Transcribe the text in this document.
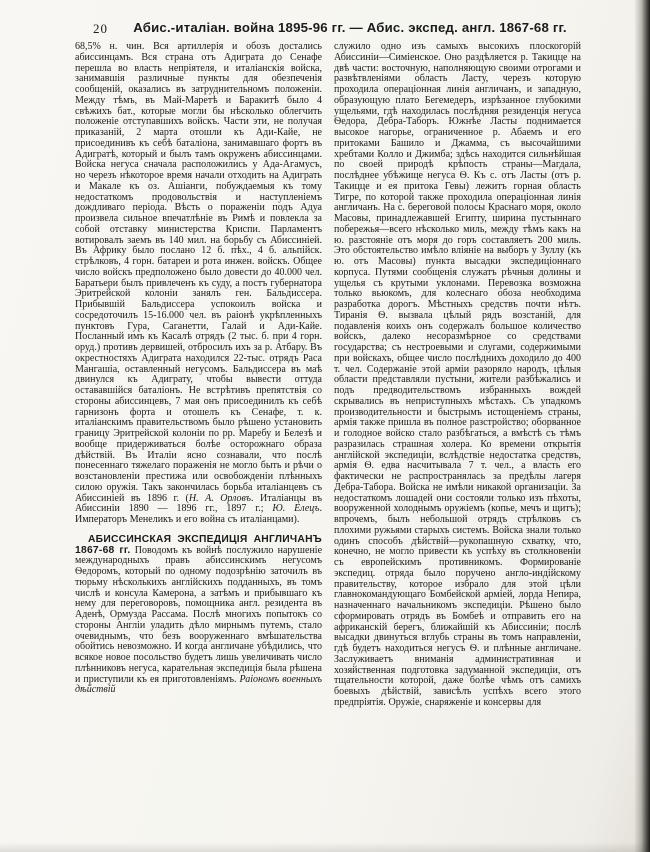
20	Абис.-италіан. война 1895-96 гг. — Абис. экспед. англ. 1867-68 гг.

68,5% н. чин. Вся артиллерія и обозъ достались абиссинцамъ. Вся страна отъ Адиграта до Сенафе перешла во власть непріятеля, и италіанскія войска, занимавшія различные пункты для обезпеченія сообщеній, оказались въ затруднительномъ положеніи. Между тѣмъ, въ Май-Маретѣ и Баракитѣ было 4 свѣжихъ бат., которые могли бы нѣсколько облегчить положеніе отступавшихъ войскъ. Части эти, не получая приказаній, 2 марта отошли къ Ади-Кайе, не присоединивъ къ себѣ баталіона, занимавшаго фортъ въ Адигратѣ, который и былъ тамъ окруженъ абиссинцами. Войска негуса сначала расположились у Ада-Агамусъ, но черезъ нѣкоторое время начали отходить на Адиграть и Макале къ оз. Ашіанги, побуждаемыя къ тому недостаткомъ продовольствія и наступленіемъ дождливаго періода. Вѣсть о пораженіи подъ Адуа произвела сильное впечатлѣніе въ Римѣ и повлекла за собой отставку министерства Криспи. Парламентъ вотировалъ заемъ въ 140 мил. на борьбу съ Абиссиніей. Въ Африку было послано 12 б. пѣх., 4 б. альпійск. стрѣлковъ, 4 горн. батареи и рота инжен. войскъ. Общее число войскъ предположено было довести до 40.000 чел. Баратьери былъ привлеченъ къ суду, а постъ губернатора Эритрейской колоніи занялъ ген. Бальдиссера. Прибывшій Бальдиссера успокоилъ войска и сосредоточилъ 15-16.000 чел. въ раіонѣ укрѣпленныхъ пунктовъ Гура, Саганетти, Галай и Ади-Кайе. Посланный имъ къ Касалѣ отрядъ (2 тыс. б. при 4 горн. оруд.) противъ дервишей, отбросилъ ихъ за р. Атбару. Въ окрестностяхъ Адиграта находился 22-тыс. отрядъ Раса Мангашіа, оставленный негусомъ. Бальдиссера въ маѣ двинулся къ Адиграту, чтобы вывести оттуда остававшійся баталіонъ. Не встрѣтивъ препятствія со стороны абиссинцевъ, 7 мая онъ присоединилъ къ себѣ гарнизонъ форта и отошелъ къ Сенафе, т. к. италіанскимъ правительствомъ было рѣшено установить границу Эритрейской колоніи по рр. Маребу и Белезѣ и вообще придерживаться болѣе осторожнаго образа дѣйствій. Въ Италіи ясно сознавали, что послѣ понесеннаго тяжелаго пораженія не могло быть и рѣчи о возстановленіи престижа или освобожденіи плѣнныхъ силою оружія. Такъ закончилась борьба италіанцевъ съ Абиссиніей въ 1896 г. (Н. А. Орловъ. Италіанцы въ Абиссиніи 1890 — 1896 гг., 1897 г.; Ю. Елецъ. Императоръ Менеликъ и его война съ италіанцами).

АБИССИНСКАЯ ЭКСПЕДИЦІЯ АНГЛИЧАНЪ 1867-68 гг. Поводомъ къ войнѣ послужило нарушеніе международныхъ правъ абиссинскимъ негусомъ Ѳедоромъ, который по одному подозрѣнію заточилъ въ тюрьму нѣсколькихъ англійскихъ подданныхъ, въ томъ числѣ и консула Камерона, а затѣмъ и прибывшаго къ нему для переговоровъ, помощника англ. резидента въ Аденѣ, Ормузда Рассама. Послѣ многихъ попытокъ со стороны Англіи уладить дѣло мирнымъ путемъ, стало очевиднымъ, что безъ вооруженнаго вмѣшательства обойтись невозможно. И когда англичане убѣдились, что всякое новое посольство будетъ лишь увеличивать число плѣнниковъ негуса, карательная экспедиція была рѣшена и приступили къ ея приготовленіямъ. Раіономъ военныхъ дѣйствій

служило одно изъ самыхъ высокихъ плоскогорій Абиссиніи—Симіенское. Оно раздѣляется р. Такицце на двѣ части: восточную, наполняющую своими отрогами и развѣтвленіями область Ласту, черезъ которую проходила операціонная линія англичанъ, и западную, образующую плато Бегемедеръ, изрѣзанное глубокими ущельями, гдѣ находилась послѣдняя резиденція негуса Ѳедора, Дебра-Таборъ. Южнѣе Ласты поднимается высокое нагорье, ограниченное р. Абаемъ и его притоками Башило и Джамма, съ высочайшими хребтами Колло и Джимба; здѣсь находится сильнѣйшая по своей природѣ крѣпость страны—Магдала, послѣднее убѣжище негуса Ѳ. Къ с. отъ Ласты (отъ р. Такицце и ея притока Гевы) лежитъ горная область Тигре, по которой также проходила операціонная линія англичанъ. На с. береговой полосы Краснаго моря, около Масовы, принадлежавшей Египту, ширина пустыннаго побережья—всего нѣсколько миль, между тѣмъ какъ на ю. разстояніе отъ моря до горъ составляетъ 200 миль. Это обстоятельство имѣло вліяніе на выборъ у Зуллу (къ ю. отъ Масовы) пункта высадки экспедиціоннаго корпуса. Путями сообщенія служатъ рѣчныя долины и ущелья съ крутыми уклонами. Перевозка возможна только вьюкомъ, для колеснаго обоза необходима разработка дорогъ. Мѣстныхъ средствъ почти нѣтъ. Тиранія Ѳ. вызвала цѣлый рядъ возстаній, для подавленія коихъ онъ содержалъ большое количество войскъ, далеко несоразмѣрное со средствами государства; съ нестроевыми и слугами, содержимыми при войскахъ, общее число послѣднихъ доходило до 400 т. чел. Содержаніе этой арміи разоряло народъ, цѣлыя области представляли пустыни, жители разбѣжались и подъ предводительствомъ избранныхъ вождей скрывались въ неприступныхъ мѣстахъ. Съ упадкомъ производительности и быстрымъ истощеніемъ страны, армія также пришла въ полное разстройство; оборванное и голодное войско стало разбѣгаться, а вмѣстѣ съ тѣмъ разразилась страшная холера. Ко времени открытія англійской экспедиціи, вслѣдствіе недостатка средствъ, армія Ѳ. едва насчитывала 7 т. чел., а власть его фактически не распространялась за предѣлы лагеря Дебра-Табора. Войска не имѣли никакой организаціи. За недостаткомъ лошадей они состояли только изъ пѣхоты, вооруженной холоднымъ оружіемъ (копье, мечъ и щитъ); впрочемъ, былъ небольшой отрядъ стрѣлковъ съ плохими ружьями старыхъ системъ. Войска знали только одинъ способъ дѣйствій—рукопашную схватку, что, конечно, не могло привести къ успѣху въ столкновеніи съ европейскимъ противникомъ. Формированіе экспедиц. отряда было поручено англо-индійскому правительству, которое избрало для этой цѣли главнокомандующаго Бомбейской арміей, лорда Непира, назначеннаго начальникомъ экспедиціи. Рѣшено было сформировать отрядъ въ Бомбеѣ и отправить его на африканскій берегъ, ближайшій къ Абиссиніи; послѣ высадки двинуться вглубь страны въ томъ направленіи, гдѣ будетъ находиться негусъ Ѳ. и плѣнные англичане. Заслуживаетъ вниманія административная и хозяйственная подготовка задуманной экспедиціи, отъ тщательности которой, даже болѣе чѣмъ отъ самихъ боевыхъ дѣйствій, зависѣлъ успѣхъ всего этого предпріятія. Оружіе, снаряженіе и консервы для
